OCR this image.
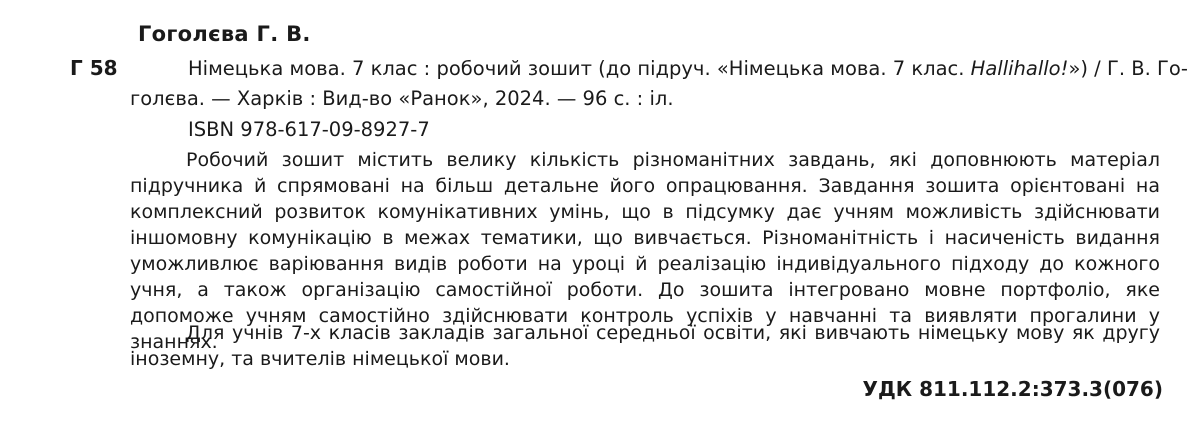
Гоголєва Г. В.
Г 58	Німецька мова. 7 клас : робочий зошит (до підруч. «Німецька мова. 7 клас. Hallihallo!») / Г. В. Го-
голєва. — Харків : Вид-во «Ранок», 2024. — 96 с. : іл.
ISBN 978-617-09-8927-7
Робочий зошит містить велику кількість різноманітних завдань, які доповнюють матеріал підручника й спрямовані на більш детальне його опрацювання. Завдання зошита орієнтовані на комплексний розвиток комунікативних умінь, що в підсумку дає учням можливість здійснювати іншомовну комунікацію в межах тематики, що вивчається. Різноманітність і насиченість видання уможливлює варіювання видів роботи на уроці й реалізацію індивідуального підходу до кожного учня, а також організацію самостійної роботи. До зошита інтегровано мовне портфоліо, яке допоможе учням самостійно здійснювати контроль успіхів у навчанні та виявляти прогалини у знаннях.
Для учнів 7-х класів закладів загальної середньої освіти, які вивчають німецьку мову як другу іноземну, та вчителів німецької мови.
УДК 811.112.2:373.3(076)
